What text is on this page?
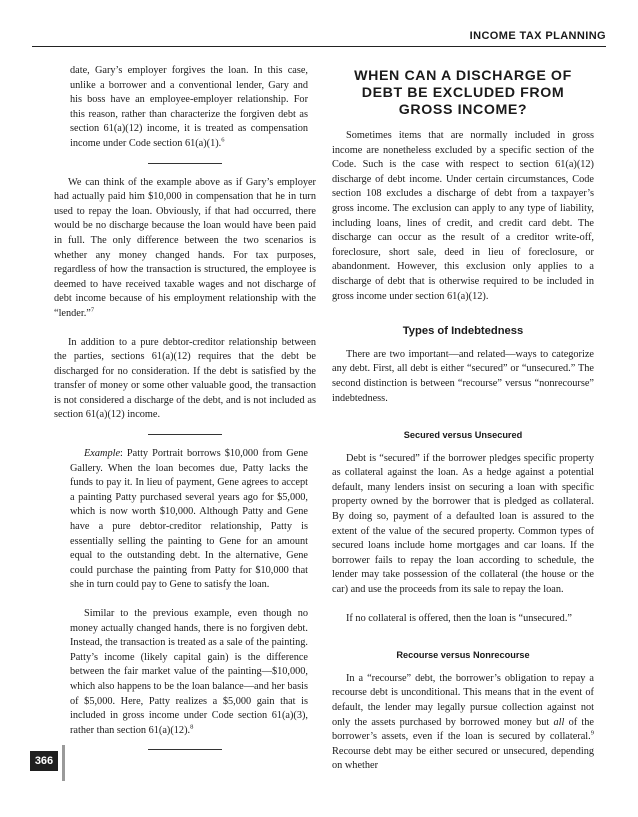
INCOME TAX PLANNING

date, Gary’s employer forgives the loan. In this case, unlike a borrower and a conventional lender, Gary and his boss have an employee-employer relationship. For this reason, rather than characterize the forgiven debt as section 61(a)(12) income, it is treated as compensation income under Code section 61(a)(1).$^6$

We can think of the example above as if Gary’s employer had actually paid him $10,000 in compensation that he in turn used to repay the loan. Obviously, if that had occurred, there would be no discharge because the loan would have been paid in full. The only difference between the two scenarios is whether any money changed hands. For tax purposes, regardless of how the transaction is structured, the employee is deemed to have received taxable wages and not discharge of debt income because of his employment relationship with the “lender.”$^7$

In addition to a pure debtor-creditor relationship between the parties, sections 61(a)(12) requires that the debt be discharged for no consideration. If the debt is satisfied by the transfer of money or some other valuable good, the transaction is not considered a discharge of the debt, and is not included as section 61(a)(12) income.

Example: Patty Portrait borrows $10,000 from Gene Gallery. When the loan becomes due, Patty lacks the funds to pay it. In lieu of payment, Gene agrees to accept a painting Patty purchased several years ago for $5,000, which is now worth $10,000. Although Patty and Gene have a pure debtor-creditor relationship, Patty is essentially selling the painting to Gene for an amount equal to the outstanding debt. In the alternative, Gene could purchase the painting from Patty for $10,000 that she in turn could pay to Gene to satisfy the loan.

Similar to the previous example, even though no money actually changed hands, there is no forgiven debt. Instead, the transaction is treated as a sale of the painting. Patty’s income (likely capital gain) is the difference between the fair market value of the painting—$10,000, which also happens to be the loan balance—and her basis of $5,000. Here, Patty realizes a $5,000 gain that is included in gross income under Code section 61(a)(3), rather than section 61(a)(12).$^8$

WHEN CAN A DISCHARGE OF DEBT BE EXCLUDED FROM GROSS INCOME?

Sometimes items that are normally included in gross income are nonetheless excluded by a specific section of the Code. Such is the case with respect to section 61(a)(12) discharge of debt income. Under certain circumstances, Code section 108 excludes a discharge of debt from a taxpayer’s gross income. The exclusion can apply to any type of liability, including loans, lines of credit, and credit card debt. The discharge can occur as the result of a creditor write-off, foreclosure, short sale, deed in lieu of foreclosure, or abandonment. However, this exclusion only applies to a discharge of debt that is otherwise required to be included in gross income under section 61(a)(12).

Types of Indebtedness

There are two important—and related—ways to categorize any debt. First, all debt is either “secured” or “unsecured.” The second distinction is between “recourse” versus “nonrecourse” indebtedness.

Secured versus Unsecured

Debt is “secured” if the borrower pledges specific property as collateral against the loan. As a hedge against a potential default, many lenders insist on securing a loan with specific property owned by the borrower that is pledged as collateral. By doing so, payment of a defaulted loan is assured to the extent of the value of the secured property. Common types of secured loans include home mortgages and car loans. If the borrower fails to repay the loan according to schedule, the lender may take possession of the collateral (the house or the car) and use the proceeds from its sale to repay the loan.

If no collateral is offered, then the loan is “unsecured.”

Recourse versus Nonrecourse

In a “recourse” debt, the borrower’s obligation to repay a recourse debt is unconditional. This means that in the event of default, the lender may legally pursue collection against not only the assets purchased by borrowed money but all of the borrower’s assets, even if the loan is secured by collateral.$^9$ Recourse debt may be either secured or unsecured, depending on whether

366
